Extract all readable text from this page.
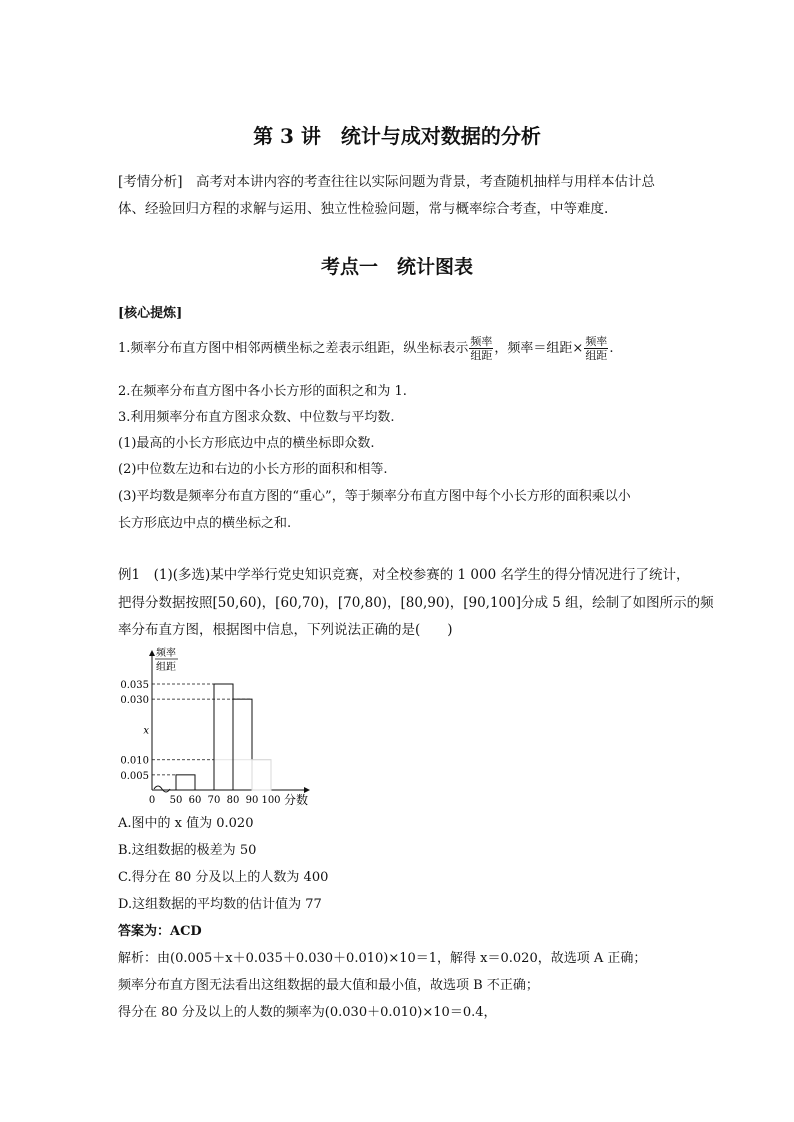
第 3 讲　统计与成对数据的分析
[考情分析]　高考对本讲内容的考查往往以实际问题为背景，考查随机抽样与用样本估计总
体、经验回归方程的求解与运用、独立性检验问题，常与概率综合考查，中等难度.
考点一　统计图表
[核心提炼]
1.频率分布直方图中相邻两横坐标之差表示组距，纵坐标表示 $\frac{\text{频率}}{\text{组距}}$ ，频率＝组距× $\frac{\text{频率}}{\text{组距}}$ .
2.在频率分布直方图中各小长方形的面积之和为 1.
3.利用频率分布直方图求众数、中位数与平均数.
(1)最高的小长方形底边中点的横坐标即众数.
(2)中位数左边和右边的小长方形的面积和相等.
(3)平均数是频率分布直方图的“重心”，等于频率分布直方图中每个小长方形的面积乘以小
长方形底边中点的横坐标之和.
例1　(1)(多选)某中学举行党史知识竞赛，对全校参赛的 1 000 名学生的得分情况进行了统计，
把得分数据按照[50,60)，[60,70)，[70,80)，[80,90)，[90,100]分成 5 组，绘制了如图所示的频
率分布直方图，根据图中信息，下列说法正确的是(　　)
0.035
0.030
x
0.010
0.005
50 60 70 80 90 100
0	分数
频率
组距
A.图中的 x 值为 0.020
B.这组数据的极差为 50
C.得分在 80 分及以上的人数为 400
D.这组数据的平均数的估计值为 77
答案为：ACD
解析：由(0.005＋x＋0.035＋0.030＋0.010)×10＝1，解得 x＝0.020，故选项 A 正确；
频率分布直方图无法看出这组数据的最大值和最小值，故选项 B 不正确；
得分在 80 分及以上的人数的频率为(0.030＋0.010)×10＝0.4，
